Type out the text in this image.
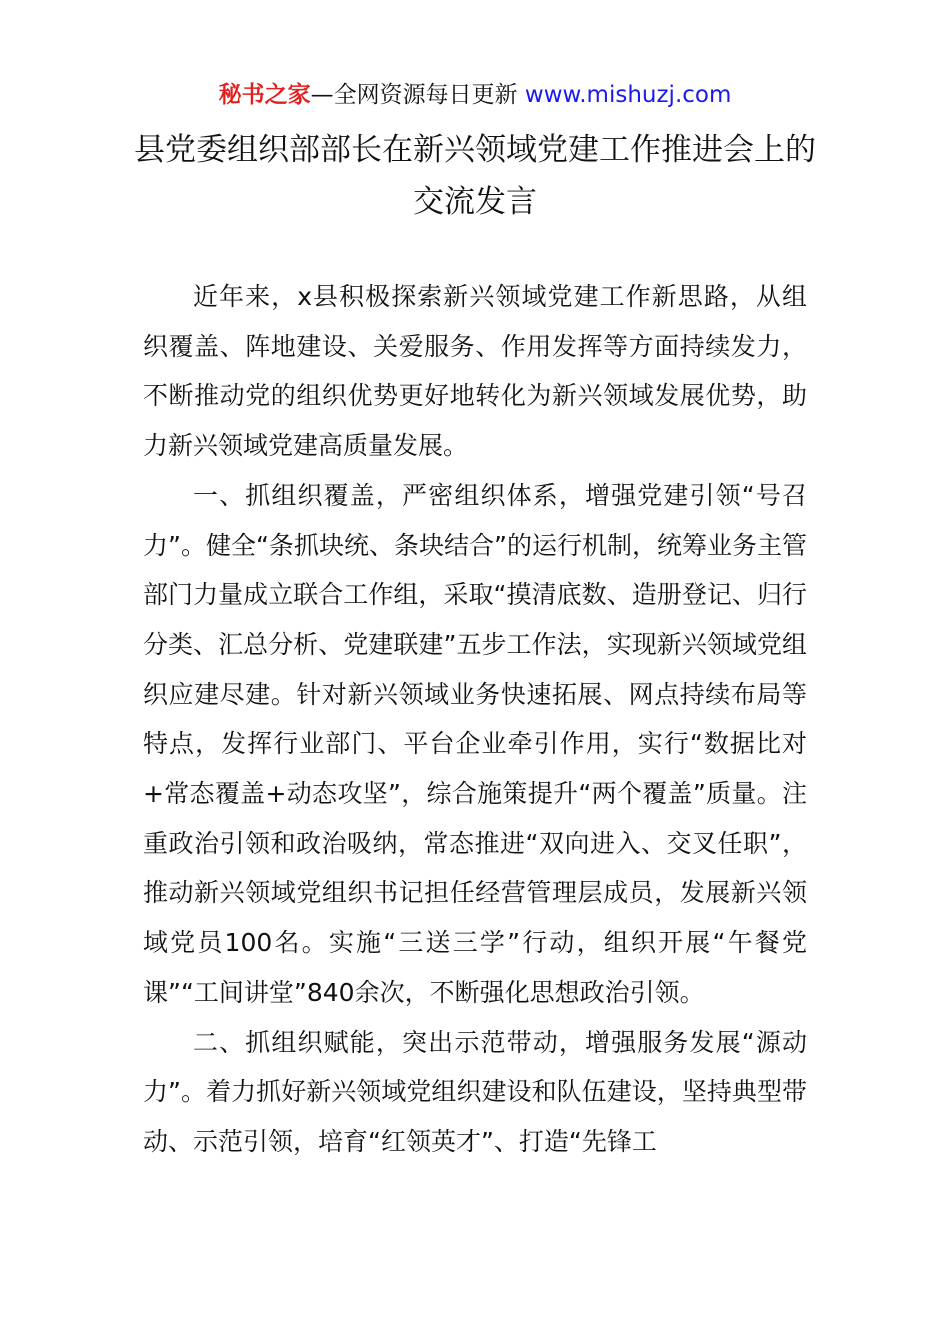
秘书之家—全网资源每日更新 www.mishuzj.com
县党委组织部部长在新兴领域党建工作推进会上的交流发言

近年来，x县积极探索新兴领域党建工作新思路，从组织覆盖、阵地建设、关爱服务、作用发挥等方面持续发力，不断推动党的组织优势更好地转化为新兴领域发展优势，助力新兴领域党建高质量发展。

一、抓组织覆盖，严密组织体系，增强党建引领“号召力”。健全“条抓块统、条块结合”的运行机制，统筹业务主管部门力量成立联合工作组，采取“摸清底数、造册登记、归行分类、汇总分析、党建联建”五步工作法，实现新兴领域党组织应建尽建。针对新兴领域业务快速拓展、网点持续布局等特点，发挥行业部门、平台企业牵引作用，实行“数据比对+常态覆盖+动态攻坚”，综合施策提升“两个覆盖”质量。注重政治引领和政治吸纳，常态推进“双向进入、交叉任职”，推动新兴领域党组织书记担任经营管理层成员，发展新兴领域党员100名。实施“三送三学”行动，组织开展“午餐党课”“工间讲堂”840余次，不断强化思想政治引领。

二、抓组织赋能，突出示范带动，增强服务发展“源动力”。着力抓好新兴领域党组织建设和队伍建设，坚持典型带动、示范引领，培育“红领英才”、打造“先锋工
